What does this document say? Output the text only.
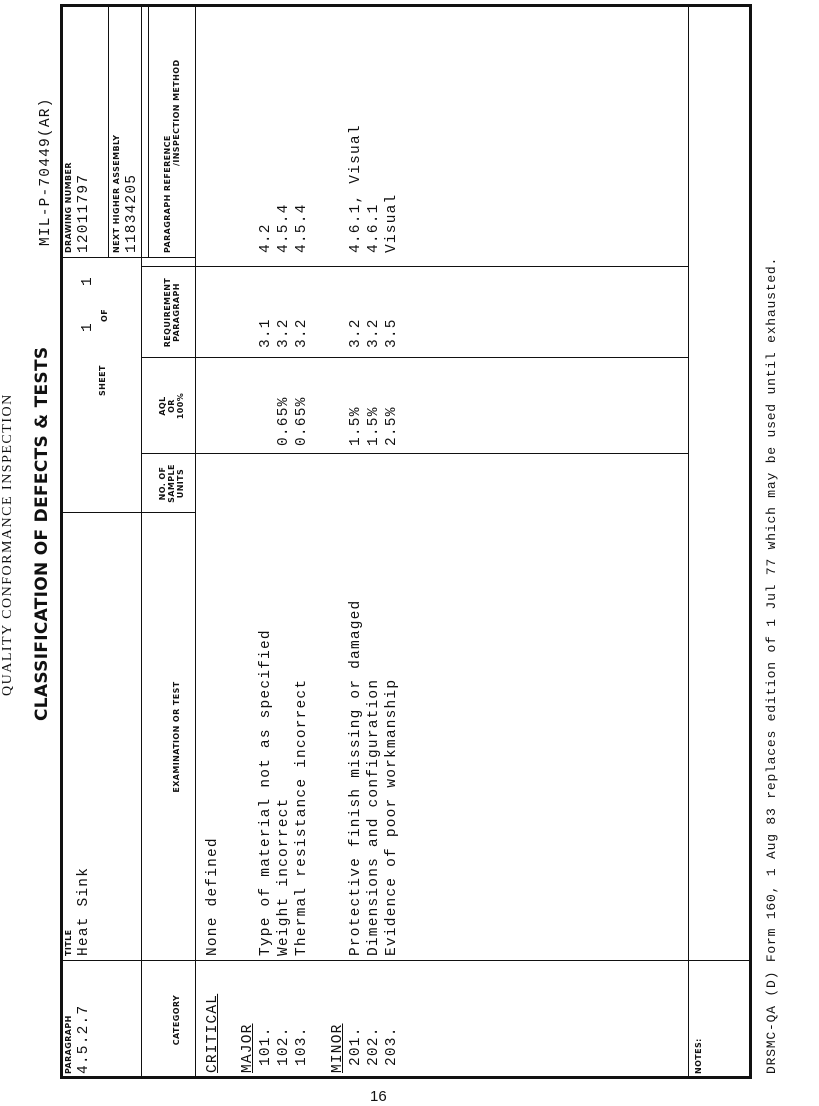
QUALITY CONFORMANCE INSPECTION CLASSIFICATION OF DEFECTS & TESTS
MIL-P-70449(AR)
PARAGRAPH 4.5.2.7
TITLE Heat Sink
SHEET
1
OF
1
DRAWING NUMBER 12011797	NEXT HIGHER ASSEMBLY 11834205
CATEGORY
EXAMINATION OR TEST
NO. OF SAMPLE UNITS
AQL OR 100%
REQUIREMENT PARAGRAPH
PARAGRAPH REFERENCE
/INSPECTION METHOD
CRITICAL
None defined
MAJOR 101.
Type of material not as specified
3.1
4.2
102.
Weight incorrect
0.65%
3.2
4.5.4
103.
Thermal resistance incorrect
0.65%
3.2
4.5.4
MINOR 201.
Protective finish missing or damaged
1.5%
3.2
4.6.1, Visual
202.
Dimensions and configuration
1.5%
3.2
4.6.1
203.
Evidence of poor workmanship
2.5%
3.5
Visual
NOTES:	DRSMC-QA (D) Form 160, 1 Aug 83 replaces edition of 1 Jul 77 which may be used until exhausted.
16
